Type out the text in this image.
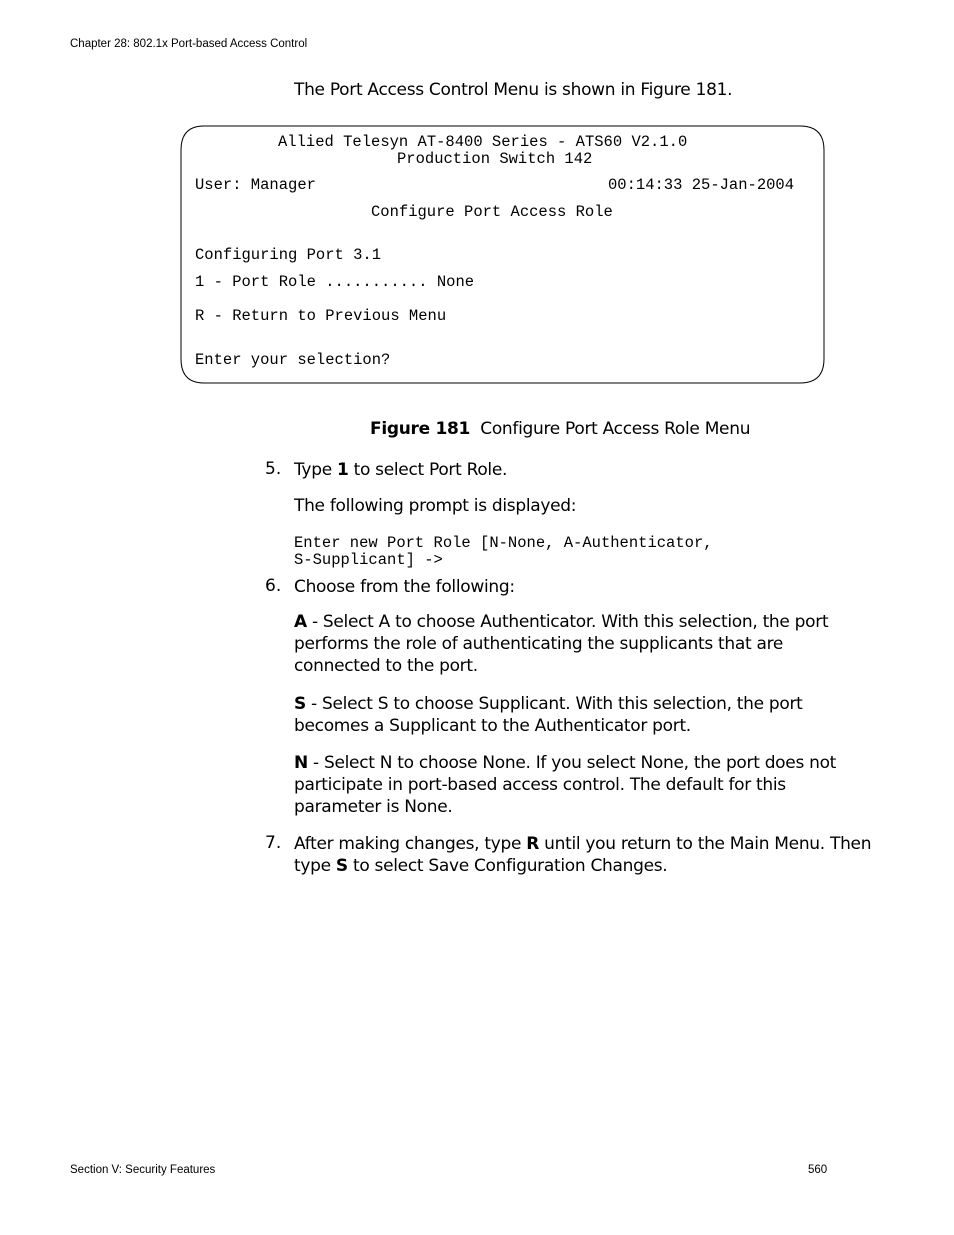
Chapter 28: 802.1x Port-based Access Control
The Port Access Control Menu is shown in Figure 181.
Allied Telesyn AT-8400 Series - ATS60 V2.1.0
Production Switch 142
User: Manager	00:14:33 25-Jan-2004
Configure Port Access Role
Configuring Port 3.1
1 - Port Role ........... None
R - Return to Previous Menu
Enter your selection?
Figure 181 Configure Port Access Role Menu
5. Type 1 to select Port Role.
The following prompt is displayed:
Enter new Port Role [N-None, A-Authenticator,
S-Supplicant] ->
6. Choose from the following:
A - Select A to choose Authenticator. With this selection, the port
performs the role of authenticating the supplicants that are
connected to the port.
S - Select S to choose Supplicant. With this selection, the port
becomes a Supplicant to the Authenticator port.
N - Select N to choose None. If you select None, the port does not
participate in port-based access control. The default for this
parameter is None.
7. After making changes, type R until you return to the Main Menu. Then
type S to select Save Configuration Changes.
Section V: Security Features	560
